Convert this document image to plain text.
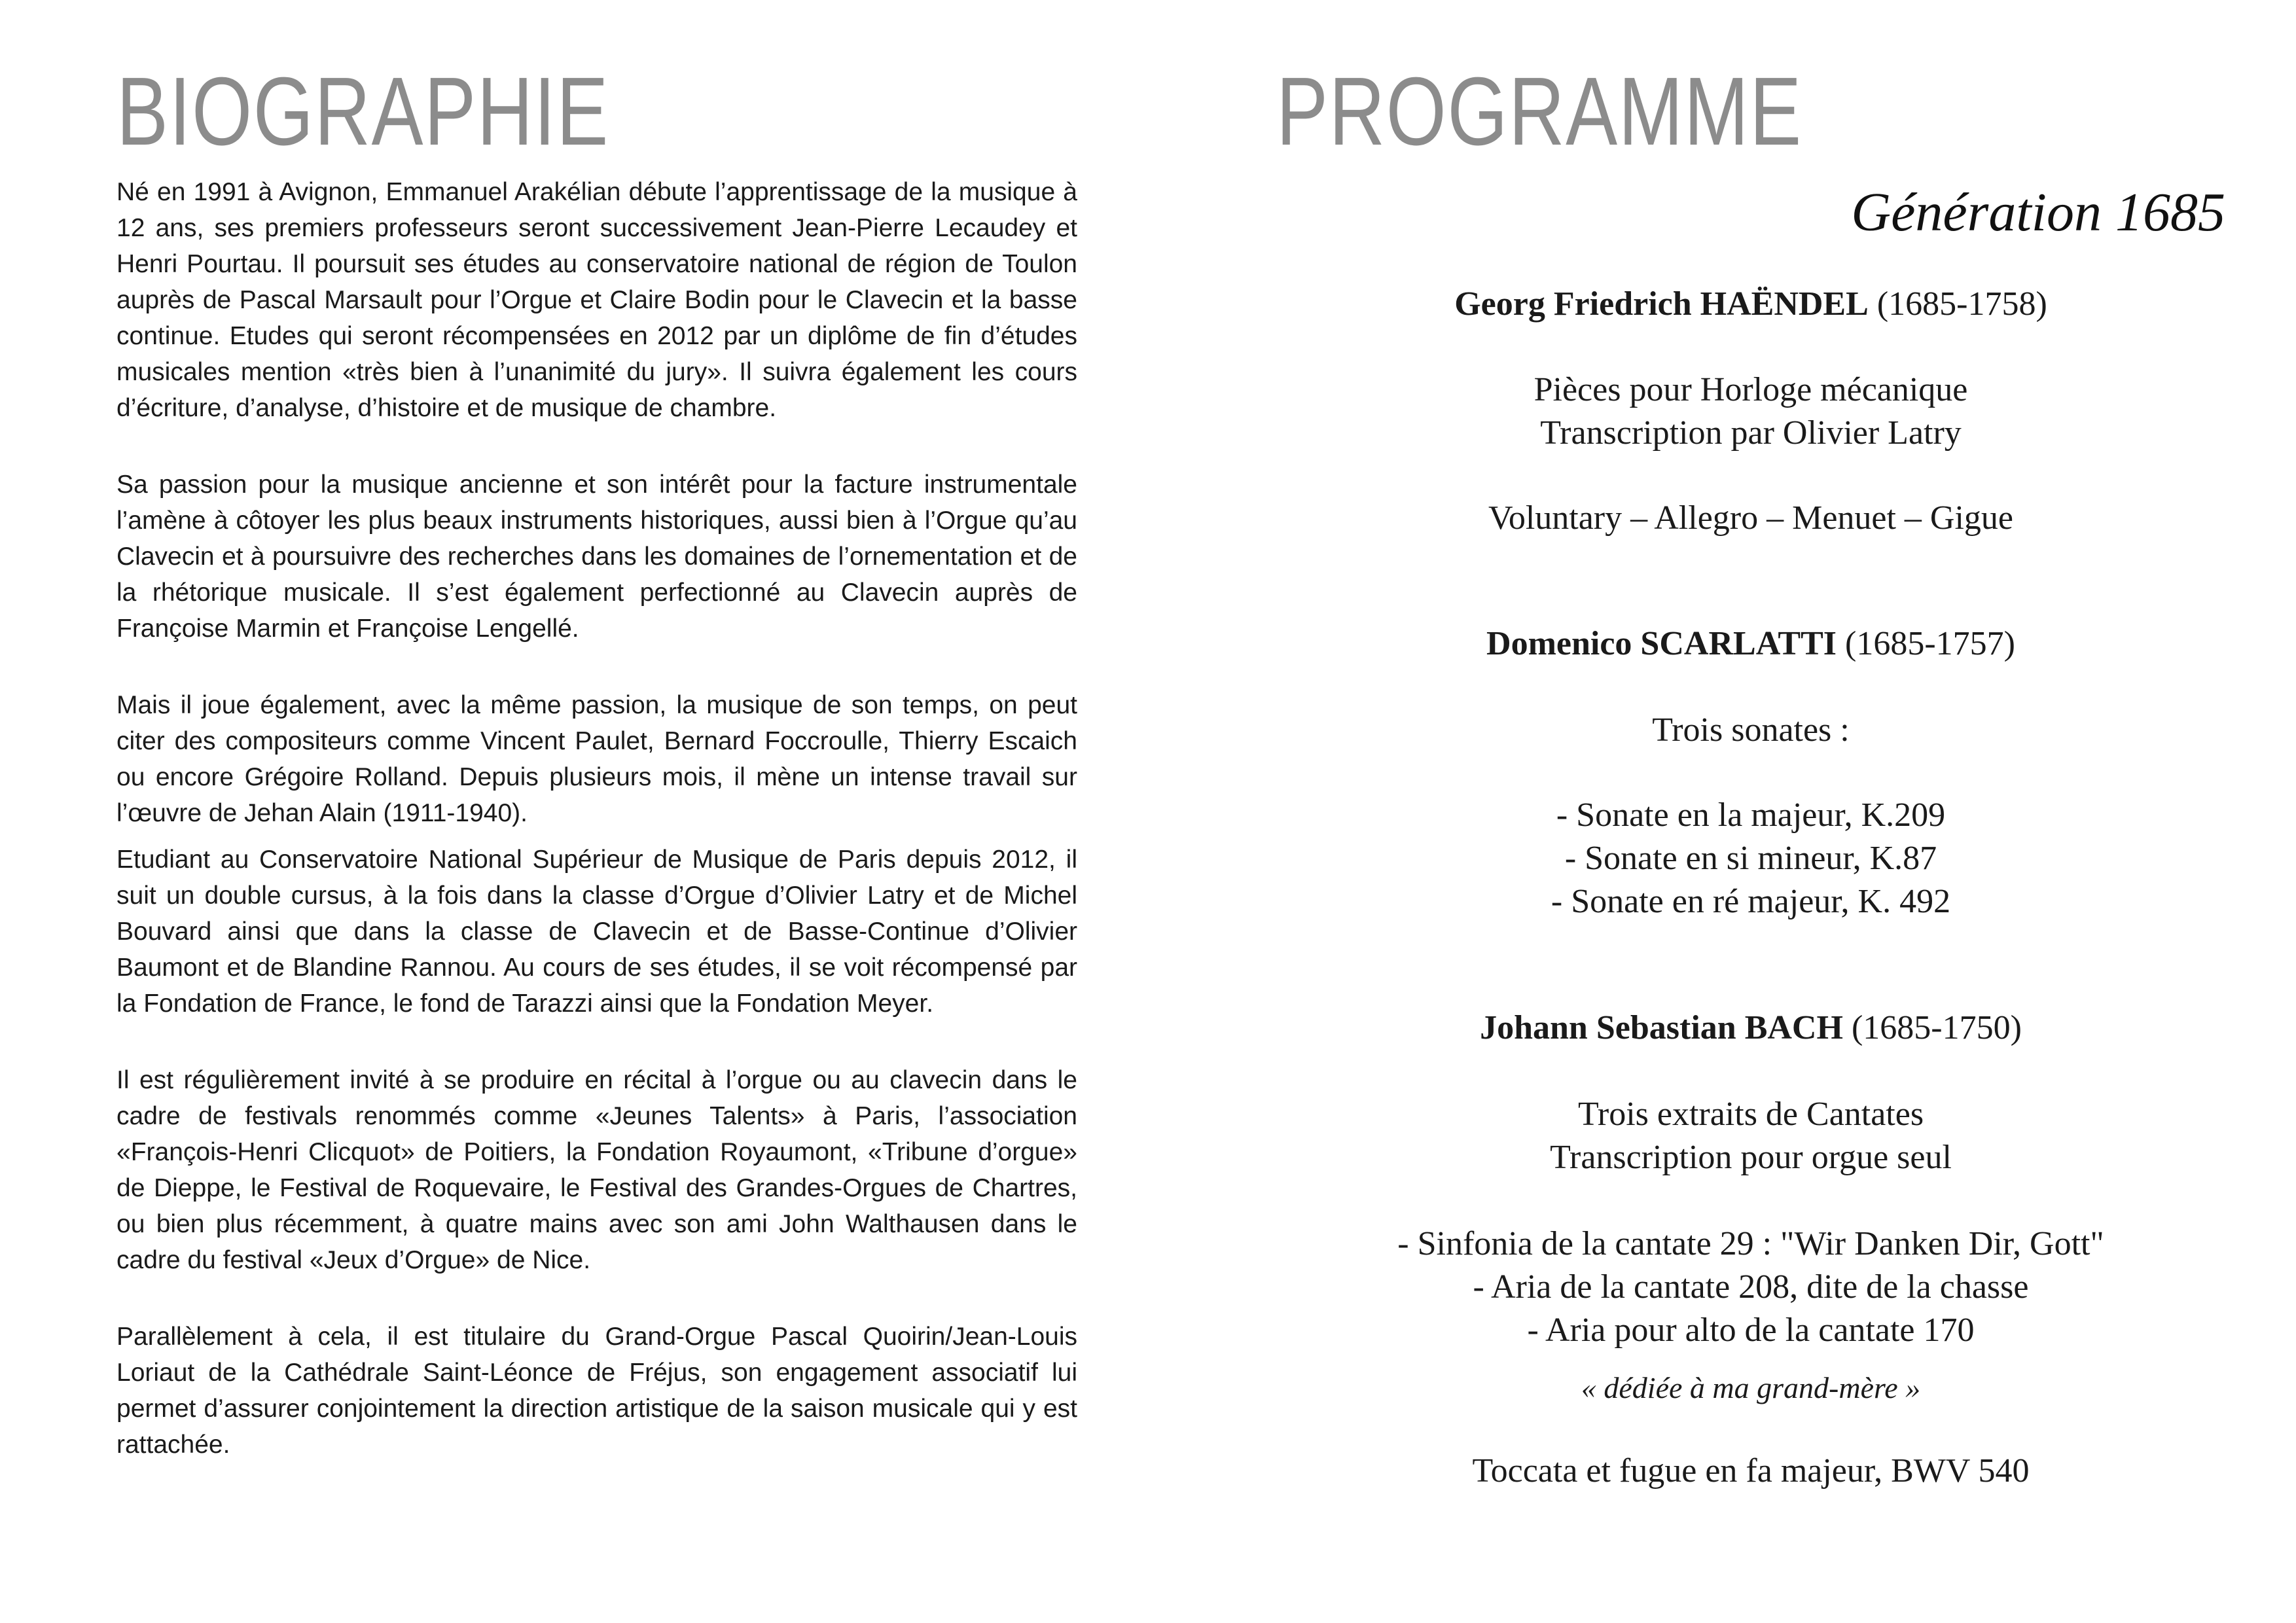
BIOGRAPHIE

Né en 1991 à Avignon, Emmanuel Arakélian débute l’apprentissage de la musique à 12 ans, ses premiers professeurs seront successivement Jean-Pierre Lecaudey et Henri Pourtau. Il poursuit ses études au conservatoire national de région de Toulon auprès de Pascal Marsault pour l’Orgue et Claire Bodin pour le Clavecin et la basse continue. Etudes qui seront récompensées en 2012 par un diplôme de fin d’études musicales mention «très bien à l’unanimité du jury». Il suivra également les cours d’écriture, d’analyse, d’histoire et de musique de chambre.

Sa passion pour la musique ancienne et son intérêt pour la facture instrumentale l’amène à côtoyer les plus beaux instruments historiques, aussi bien à l’Orgue qu’au Clavecin et à poursuivre des recherches dans les domaines de l’ornementation et de la rhétorique musicale. Il s’est également perfectionné au Clavecin auprès de Françoise Marmin et Françoise Lengellé.

Mais il joue également, avec la même passion, la musique de son temps, on peut citer des compositeurs comme Vincent Paulet, Bernard Foccroulle, Thierry Escaich ou encore Grégoire Rolland. Depuis plusieurs mois, il mène un intense travail sur l’œuvre de Jehan Alain (1911-1940).

Etudiant au Conservatoire National Supérieur de Musique de Paris depuis 2012, il suit un double cursus, à la fois dans la classe d’Orgue d’Olivier Latry et de Michel Bouvard ainsi que dans la classe de Clavecin et de Basse-Continue d’Olivier Baumont et de Blandine Rannou. Au cours de ses études, il se voit récompensé par la Fondation de France, le fond de Tarazzi ainsi que la Fondation Meyer.

Il est régulièrement invité à se produire en récital à l’orgue ou au clavecin dans le cadre de festivals renommés comme «Jeunes Talents» à Paris, l’association «François-Henri Clicquot» de Poitiers, la Fondation Royaumont, «Tribune d’orgue» de Dieppe, le Festival de Roquevaire, le Festival des Grandes-Orgues de Chartres, ou bien plus récemment, à quatre mains avec son ami John Walthausen dans le cadre du festival «Jeux d’Orgue» de Nice.

Parallèlement à cela, il est titulaire du Grand-Orgue Pascal Quoirin/Jean-Louis Loriaut de la Cathédrale Saint-Léonce de Fréjus, son engagement associatif lui permet d’assurer conjointement la direction artistique de la saison musicale qui y est rattachée.

PROGRAMME
Génération 1685
Georg Friedrich HAËNDEL (1685-1758)
Pièces pour Horloge mécanique
Transcription par Olivier Latry
Voluntary – Allegro – Menuet – Gigue
Domenico SCARLATTI (1685-1757)
Trois sonates :
- Sonate en la majeur, K.209
- Sonate en si mineur, K.87
- Sonate en ré majeur, K. 492
Johann Sebastian BACH (1685-1750)
Trois extraits de Cantates
Transcription pour orgue seul
- Sinfonia de la cantate 29 : "Wir Danken Dir, Gott"
- Aria de la cantate 208, dite de la chasse
- Aria pour alto de la cantate 170
« dédiée à ma grand-mère »
Toccata et fugue en fa majeur, BWV 540
